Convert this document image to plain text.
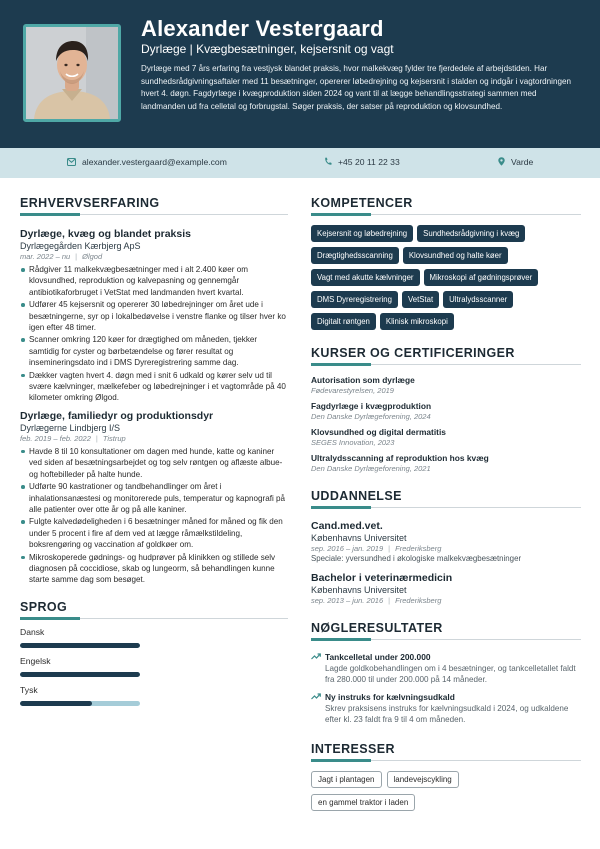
Alexander Vestergaard
Dyrlæge | Kvægbesætninger, kejsersnit og vagt
Dyrlæge med 7 års erfaring fra vestjysk blandet praksis, hvor malkekvæg fylder tre fjerdedele af arbejdstiden. Har sundhedsrådgivningsaftaler med 11 besætninger, opererer løbedrejning og kejsersnit i stalden og indgår i vagtordningen hvert 4. døgn. Fagdyrlæge i kvægproduktion siden 2024 og vant til at lægge behandlingsstrategi sammen med landmanden ud fra celletal og forbrugstal. Søger praksis, der satser på reproduktion og klovsundhed.
alexander.vestergaard@example.com	+45 20 11 22 33	Varde
ERHVERVSERFARING
Dyrlæge, kvæg og blandet praksis
Dyrlægegården Kærbjerg ApS
mar. 2022 – nu | Ølgod
Rådgiver 11 malkekvægbesætninger med i alt 2.400 køer om klovsundhed, reproduktion og kalvepasning og gennemgår antibiotikaforbruget i VetStat med landmanden hvert kvartal.
Udfører 45 kejsersnit og opererer 30 løbedrejninger om året ude i besætningerne, syr op i lokalbedøvelse i venstre flanke og tilser hver ko igen efter 48 timer.
Scanner omkring 120 køer for drægtighed om måneden, tjekker samtidig for cyster og børbetændelse og fører resultat og insemineringsdato ind i DMS Dyreregistrering samme dag.
Dækker vagten hvert 4. døgn med i snit 6 udkald og kører selv ud til svære kælvninger, mælkefeber og løbedrejninger i et vagtområde på 40 kilometer omkring Ølgod.
Dyrlæge, familiedyr og produktionsdyr
Dyrlægerne Lindbjerg I/S
feb. 2019 – feb. 2022 | Tistrup
Havde 8 til 10 konsultationer om dagen med hunde, katte og kaniner ved siden af besætningsarbejdet og tog selv røntgen og aflæste albue- og hoftebilleder på halte hunde.
Udførte 90 kastrationer og tandbehandlinger om året i inhalationsanæstesi og monitorerede puls, temperatur og kapnografi på alle patienter over otte år og på alle kaniner.
Fulgte kalvedødeligheden i 6 besætninger måned for måned og fik den under 5 procent i fire af dem ved at lægge råmælkstildeling, boksrengøring og vaccination af goldkøer om.
Mikroskoperede gødnings- og hudprøver på klinikken og stillede selv diagnosen på coccidiose, skab og lungeorm, så behandlingen kunne starte samme dag som besøget.
SPROG
Dansk
Engelsk
Tysk
KOMPETENCER
Kejsersnit og løbedrejning	Sundhedsrådgivning i kvæg
Drægtighedsscanning	Klovsundhed og halte køer
Vagt med akutte kælvninger	Mikroskopi af gødningsprøver
DMS Dyreregistrering	VetStat	Ultralydsscanner
Digitalt røntgen	Klinisk mikroskopi
KURSER OG CERTIFICERINGER
Autorisation som dyrlæge
Fødevarestyrelsen, 2019
Fagdyrlæge i kvægproduktion
Den Danske Dyrlægeforening, 2024
Klovsundhed og digital dermatitis
SEGES Innovation, 2023
Ultralydsscanning af reproduktion hos kvæg
Den Danske Dyrlægeforening, 2021
UDDANNELSE
Cand.med.vet.
Københavns Universitet
sep. 2016 – jan. 2019 | Frederiksberg
Speciale: yversundhed i økologiske malkekvægbesætninger
Bachelor i veterinærmedicin
Københavns Universitet
sep. 2013 – jun. 2016 | Frederiksberg
NØGLERESULTATER
Tankcelletal under 200.000
Lagde goldkobehandlingen om i 4 besætninger, og tankcelletallet faldt fra 280.000 til under 200.000 på 14 måneder.
Ny instruks for kælvningsudkald
Skrev praksisens instruks for kælvningsudkald i 2024, og udkaldene efter kl. 23 faldt fra 9 til 4 om måneden.
INTERESSER
Jagt i plantagen	landevejscykling
en gammel traktor i laden
